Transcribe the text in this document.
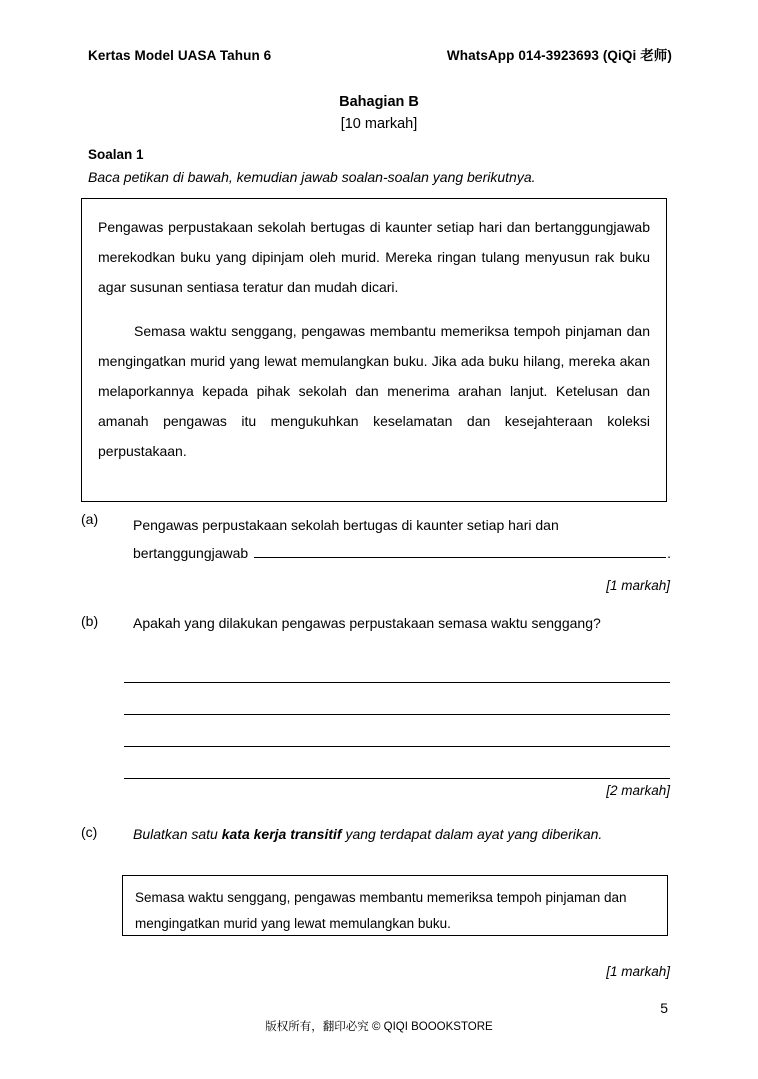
Kertas Model UASA Tahun 6	WhatsApp 014-3923693 (QiQi 老师)
Bahagian B
[10 markah]
Soalan 1
Baca petikan di bawah, kemudian jawab soalan-soalan yang berikutnya.

Pengawas perpustakaan sekolah bertugas di kaunter setiap hari dan bertanggungjawab merekodkan buku yang dipinjam oleh murid. Mereka ringan tulang menyusun rak buku agar susunan sentiasa teratur dan mudah dicari.

Semasa waktu senggang, pengawas membantu memeriksa tempoh pinjaman dan mengingatkan murid yang lewat memulangkan buku. Jika ada buku hilang, mereka akan melaporkannya kepada pihak sekolah dan menerima arahan lanjut. Ketelusan dan amanah pengawas itu mengukuhkan keselamatan dan kesejahteraan koleksi perpustakaan.

(a)	Pengawas perpustakaan sekolah bertugas di kaunter setiap hari dan

bertanggungjawab	.
[1 markah]
(b)	Apakah yang dilakukan pengawas perpustakaan semasa waktu senggang?

[2 markah]
(c)	Bulatkan satu kata kerja transitif yang terdapat dalam ayat yang diberikan.

Semasa waktu senggang, pengawas membantu memeriksa tempoh pinjaman dan mengingatkan murid yang lewat memulangkan buku.

[1 markah]
5
版权所有，翻印必究 © QIQI BOOOKSTORE
